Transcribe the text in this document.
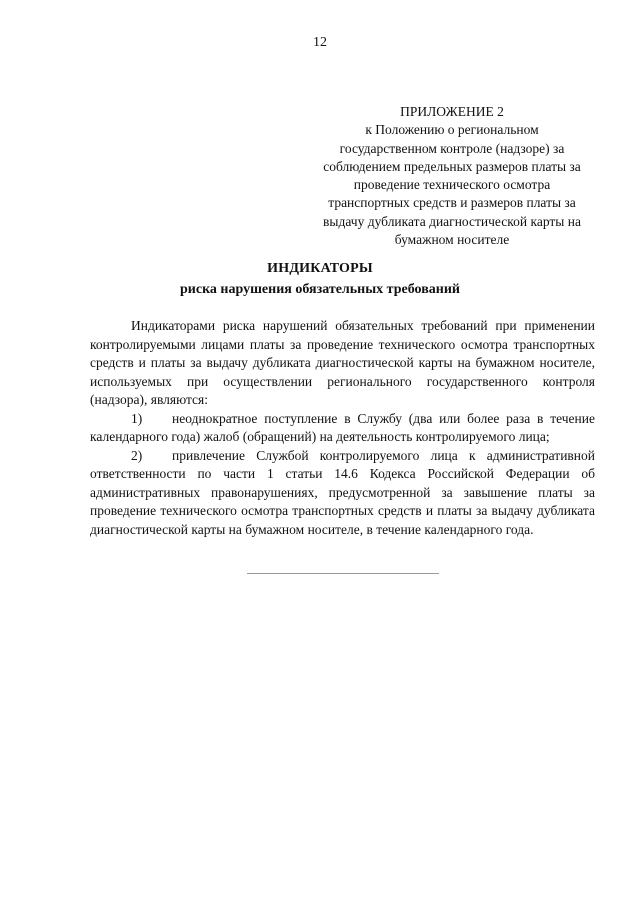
12
ПРИЛОЖЕНИЕ 2
к Положению о региональном
государственном контроле (надзоре) за
соблюдением предельных размеров платы за
проведение технического осмотра
транспортных средств и размеров платы за
выдачу дубликата диагностической карты на
бумажном носителе
ИНДИКАТОРЫ
риска нарушения обязательных требований

Индикаторами риска нарушений обязательных требований при применении контролируемыми лицами платы за проведение технического осмотра транспортных средств и платы за выдачу дубликата диагностической карты на бумажном носителе, используемых при осуществлении регионального государственного контроля (надзора), являются:

1) неоднократное поступление в Службу (два или более раза в течение календарного года) жалоб (обращений) на деятельность контролируемого лица;

2) привлечение Службой контролируемого лица к административной ответственности по части 1 статьи 14.6 Кодекса Российской Федерации об административных правонарушениях, предусмотренной за завышение платы за проведение технического осмотра транспортных средств и платы за выдачу дубликата диагностической карты на бумажном носителе, в течение календарного года.
